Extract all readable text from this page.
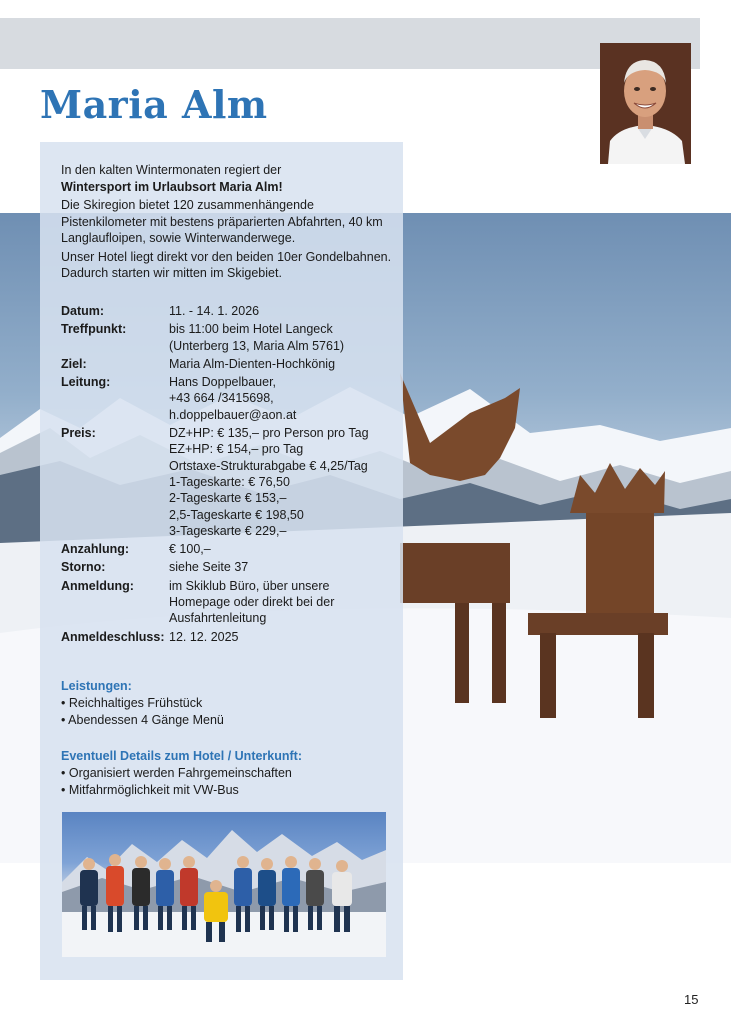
Maria Alm

In den kalten Wintermonaten regiert der
Wintersport im Urlaubsort Maria Alm!

Die Skiregion bietet 120 zusammenhängende Pistenkilometer mit bestens präparierten Abfahrten, 40 km Langlaufloipen, sowie Winterwanderwege.

Unser Hotel liegt direkt vor den beiden 10er Gondelbahnen. Dadurch starten wir mitten im Skigebiet.

Datum:	11. - 14. 1. 2026
Treffpunkt:	bis 11:00 beim Hotel Langeck
(Unterberg 13, Maria Alm 5761)
Ziel:	Maria Alm-Dienten-Hochkönig
Leitung:	Hans Doppelbauer,
+43 664 /3415698,
h.doppelbauer@aon.at
Preis:	DZ+HP: € 135,– pro Person pro Tag
EZ+HP: € 154,– pro Tag
Ortstaxe-Strukturabgabe € 4,25/Tag
1-Tageskarte: € 76,50
2-Tageskarte € 153,–
2,5-Tageskarte € 198,50
3-Tageskarte € 229,–
Anzahlung:	€ 100,–
Storno:	siehe Seite 37
Anmeldung:	im Skiklub Büro, über unsere
Homepage oder direkt bei der
Ausfahrtenleitung
Anmeldeschluss: 12. 12. 2025

Leistungen:

• Reichhaltiges Frühstück
• Abendessen 4 Gänge Menü

Eventuell Details zum Hotel / Unterkunft:

• Organisiert werden Fahrgemeinschaften
• Mitfahrmöglichkeit mit VW-Bus
15
